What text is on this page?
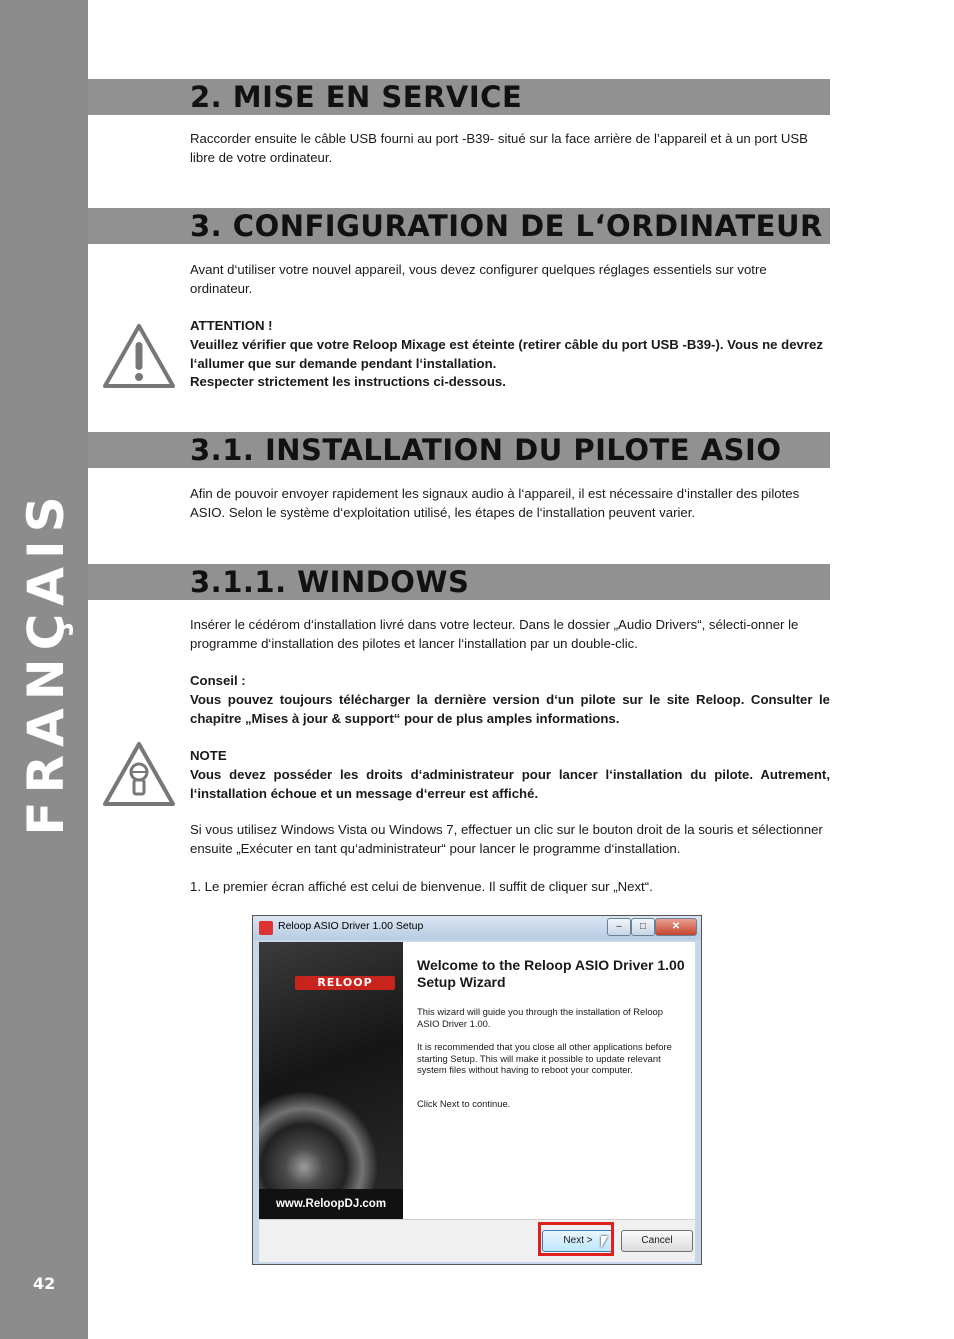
FRANÇAIS
42
2. MISE EN SERVICE

Raccorder ensuite le câble USB fourni au port -B39- situé sur la face arrière de l’appareil et à un port USB libre de votre ordinateur.

3. CONFIGURATION DE L‘ORDINATEUR

Avant d‘utiliser votre nouvel appareil, vous devez configurer quelques réglages essentiels sur votre ordinateur.

ATTENTION !

Veuillez vérifier que votre Reloop Mixage est éteinte (retirer câble du port USB -B39-). Vous ne devrez l‘allumer que sur demande pendant l‘installation.

Respecter strictement les instructions ci-dessous.

3.1. INSTALLATION DU PILOTE ASIO

Afin de pouvoir envoyer rapidement les signaux audio à l‘appareil, il est nécessaire d‘installer des pilotes ASIO. Selon le système d‘exploitation utilisé, les étapes de l‘installation peuvent varier.

3.1.1. WINDOWS

Insérer le cédérom d‘installation livré dans votre lecteur. Dans le dossier „Audio Drivers“, sélecti-onner le programme d‘installation des pilotes et lancer l‘installation par un double-clic.

Conseil :

Vous pouvez toujours télécharger la dernière version d‘un pilote sur le site Reloop. Consulter le chapitre „Mises à jour & support“ pour de plus amples informations.

NOTE

Vous devez posséder les droits d‘administrateur pour lancer l‘installation du pilote. Autrement, l‘installation échoue et un message d‘erreur est affiché.

Si vous utilisez Windows Vista ou Windows 7, effectuer un clic sur le bouton droit de la souris et sélectionner ensuite „Exécuter en tant qu‘administrateur“ pour lancer le programme d‘installation.

1. Le premier écran affiché est celui de bienvenue. Il suffit de cliquer sur „Next“.

Reloop ASIO Driver 1.00 Setup	–	□	✕
RELOOP
www.ReloopDJ.com

Welcome to the Reloop ASIO Driver 1.00 Setup Wizard

This wizard will guide you through the installation of Reloop ASIO Driver 1.00.

It is recommended that you close all other applications before starting Setup. This will make it possible to update relevant system files without having to reboot your computer.

Click Next to continue.

Next >	Cancel
